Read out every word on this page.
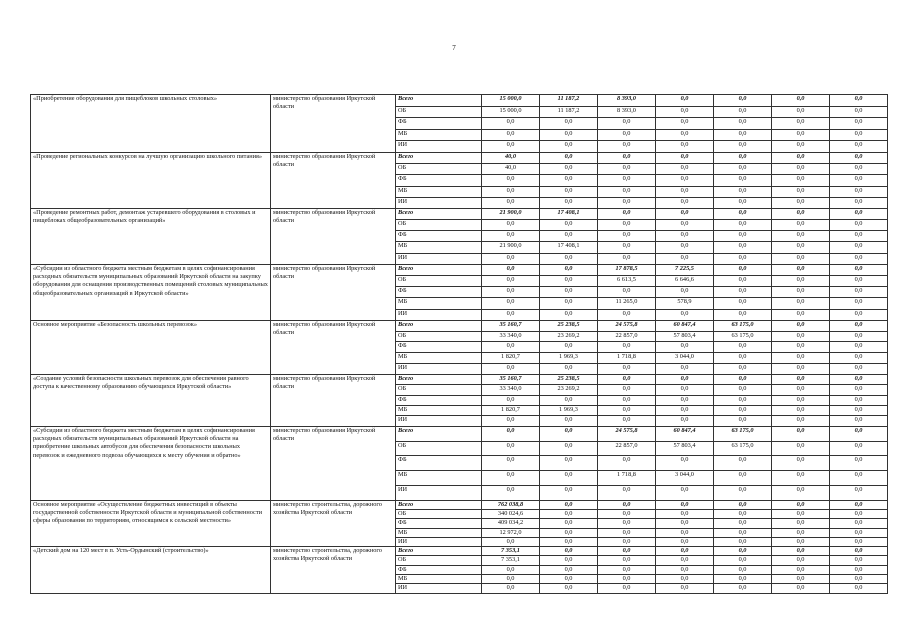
7
«Приобретение оборудования для пищеблоков школьных столовых»	министерство образования Иркутской области	Всего	15 000,0	11 187,2	8 393,0	0,0	0,0	0,0	0,0
		ОБ	15 000,0	11 187,2	8 393,0	0,0	0,0	0,0	0,0
		ФБ	0,0	0,0	0,0	0,0	0,0	0,0	0,0
		МБ	0,0	0,0	0,0	0,0	0,0	0,0	0,0
		ИИ	0,0	0,0	0,0	0,0	0,0	0,0	0,0
«Проведение региональных конкурсов на лучшую организацию школьного питания»	министерство образования Иркутской области	Всего	40,0	0,0	0,0	0,0	0,0	0,0	0,0
		ОБ	40,0	0,0	0,0	0,0	0,0	0,0	0,0
		ФБ	0,0	0,0	0,0	0,0	0,0	0,0	0,0
		МБ	0,0	0,0	0,0	0,0	0,0	0,0	0,0
		ИИ	0,0	0,0	0,0	0,0	0,0	0,0	0,0
«Проведение ремонтных работ, демонтаж устаревшего оборудования в столовых и пищеблоках общеобразовательных организаций»	министерство образования Иркутской области	Всего	21 900,0	17 408,1	0,0	0,0	0,0	0,0	0,0
		ОБ	0,0	0,0	0,0	0,0	0,0	0,0	0,0
		ФБ	0,0	0,0	0,0	0,0	0,0	0,0	0,0
		МБ	21 900,0	17 408,1	0,0	0,0	0,0	0,0	0,0
		ИИ	0,0	0,0	0,0	0,0	0,0	0,0	0,0
«Субсидии из областного бюджета местным бюджетам в целях софинансирования расходных обязательств муниципальных образований Иркутской области на закупку оборудования для оснащения производственных помещений столовых муниципальных общеобразовательных организаций в Иркутской области»	министерство образования Иркутской области	Всего	0,0	0,0	17 878,5	7 225,5	0,0	0,0	0,0
		ОБ	0,0	0,0	6 613,5	6 646,6	0,0	0,0	0,0
		ФБ	0,0	0,0	0,0	0,0	0,0	0,0	0,0
		МБ	0,0	0,0	11 265,0	578,9	0,0	0,0	0,0
		ИИ	0,0	0,0	0,0	0,0	0,0	0,0	0,0
Основное мероприятие «Безопасность школьных перевозок»	министерство образования Иркутской области	Всего	35 160,7	25 238,5	24 575,8	60 847,4	63 175,0	0,0	0,0
		ОБ	33 340,0	23 269,2	22 857,0	57 803,4	63 175,0	0,0	0,0
		ФБ	0,0	0,0	0,0	0,0	0,0	0,0	0,0
		МБ	1 820,7	1 969,3	1 718,8	3 044,0	0,0	0,0	0,0
		ИИ	0,0	0,0	0,0	0,0	0,0	0,0	0,0
«Создание условий безопасности школьных перевозок для обеспечения равного доступа к качественному образованию обучающихся Иркутской области»	министерство образования Иркутской области	Всего	35 160,7	25 238,5	0,0	0,0	0,0	0,0	0,0
		ОБ	33 340,0	23 269,2	0,0	0,0	0,0	0,0	0,0
		ФБ	0,0	0,0	0,0	0,0	0,0	0,0	0,0
		МБ	1 820,7	1 969,3	0,0	0,0	0,0	0,0	0,0
		ИИ	0,0	0,0	0,0	0,0	0,0	0,0	0,0
«Субсидии из областного бюджета местным бюджетам в целях софинансирования расходных обязательств муниципальных образований Иркутской области на приобретение школьных автобусов для обеспечения безопасности школьных перевозок и ежедневного подвоза обучающихся к месту обучения и обратно»	министерство образования Иркутской области	Всего	0,0	0,0	24 575,8	60 847,4	63 175,0	0,0	0,0
		ОБ	0,0	0,0	22 857,0	57 803,4	63 175,0	0,0	0,0
		ФБ	0,0	0,0	0,0	0,0	0,0	0,0	0,0
		МБ	0,0	0,0	1 718,8	3 044,0	0,0	0,0	0,0
		ИИ	0,0	0,0	0,0	0,0	0,0	0,0	0,0
Основное мероприятие «Осуществление бюджетных инвестиций в объекты государственной собственности Иркутской области и муниципальной собственности сферы образования по территориям, относящимся к сельской местности»	министерство строительства, дорожного хозяйства Иркутской области	Всего	762 038,8	0,0	0,0	0,0	0,0	0,0	0,0
		ОБ	340 024,6	0,0	0,0	0,0	0,0	0,0	0,0
		ФБ	409 034,2	0,0	0,0	0,0	0,0	0,0	0,0
		МБ	12 972,0	0,0	0,0	0,0	0,0	0,0	0,0
		ИИ	0,0	0,0	0,0	0,0	0,0	0,0	0,0
«Детский дом на 120 мест в п. Усть-Ордынский (строительство)»	министерство строительства, дорожного хозяйства Иркутской области	Всего	7 353,1	0,0	0,0	0,0	0,0	0,0	0,0
		ОБ	7 353,1	0,0	0,0	0,0	0,0	0,0	0,0
		ФБ	0,0	0,0	0,0	0,0	0,0	0,0	0,0
		МБ	0,0	0,0	0,0	0,0	0,0	0,0	0,0
		ИИ	0,0	0,0	0,0	0,0	0,0	0,0	0,0
